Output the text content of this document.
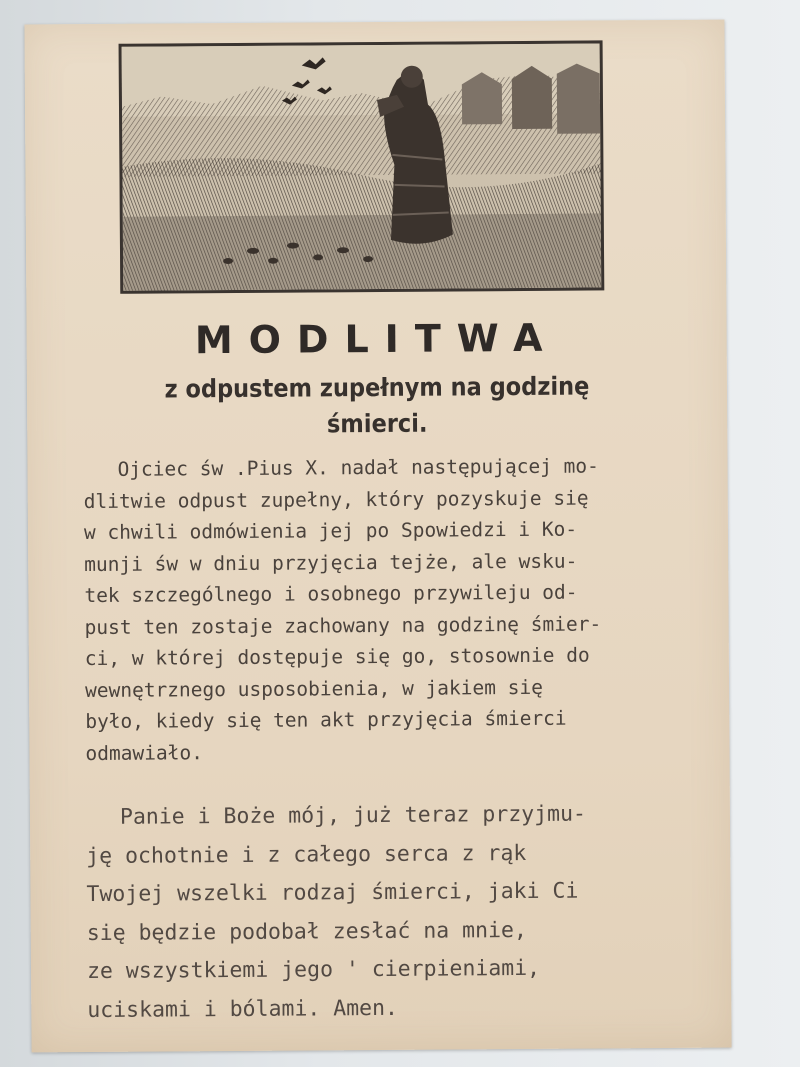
MODLITWA
z odpustem zupełnym na godzinę
śmierci.

Ojciec św .Pius X. nadał następującej mo-
dlitwie odpust zupełny, który pozyskuje się
w chwili odmówienia jej po Spowiedzi i Ko-
munji św w dniu przyjęcia tejże, ale wsku-
tek szczególnego i osobnego przywileju od-
pust ten zostaje zachowany na godzinę śmier-
ci, w której dostępuje się go, stosownie do
wewnętrznego usposobienia, w jakiem się
było, kiedy się ten akt przyjęcia śmierci
odmawiało.

Panie i Boże mój, już teraz przyjmu-
ję ochotnie i z całego serca z rąk
Twojej wszelki rodzaj śmierci, jaki Ci
się będzie podobał zesłać na mnie,
ze wszystkiemi jego ' cierpieniami,
uciskami i bólami. Amen.
